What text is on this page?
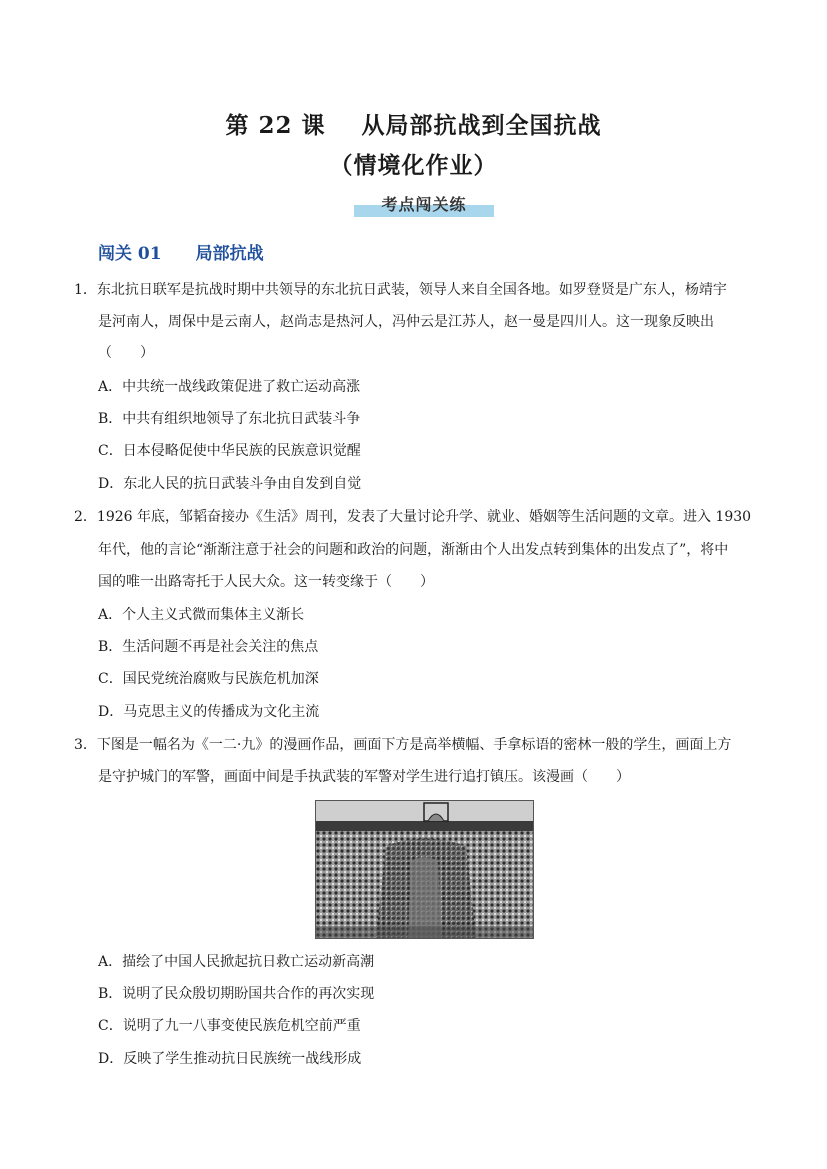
第 22 课 从局部抗战到全国抗战
（情境化作业）
考点闯关练
闯关 01 局部抗战
1．东北抗日联军是抗战时期中共领导的东北抗日武装，领导人来自全国各地。如罗登贤是广东人，杨靖宇
是河南人，周保中是云南人，赵尚志是热河人，冯仲云是江苏人，赵一曼是四川人。这一现象反映出
（　　）
A．中共统一战线政策促进了救亡运动高涨
B．中共有组织地领导了东北抗日武装斗争
C．日本侵略促使中华民族的民族意识觉醒
D．东北人民的抗日武装斗争由自发到自觉
2．1926 年底，邹韬奋接办《生活》周刊，发表了大量讨论升学、就业、婚姻等生活问题的文章。进入 1930
年代，他的言论“渐渐注意于社会的问题和政治的问题，渐渐由个人出发点转到集体的出发点了”，将中
国的唯一出路寄托于人民大众。这一转变缘于（　　）
A．个人主义式微而集体主义渐长
B．生活问题不再是社会关注的焦点
C．国民党统治腐败与民族危机加深
D．马克思主义的传播成为文化主流
3．下图是一幅名为《一二·九》的漫画作品，画面下方是高举横幅、手拿标语的密林一般的学生，画面上方
是守护城门的军警，画面中间是手执武装的军警对学生进行追打镇压。该漫画（　　）
A．描绘了中国人民掀起抗日救亡运动新高潮
B．说明了民众殷切期盼国共合作的再次实现
C．说明了九一八事变使民族危机空前严重
D．反映了学生推动抗日民族统一战线形成
